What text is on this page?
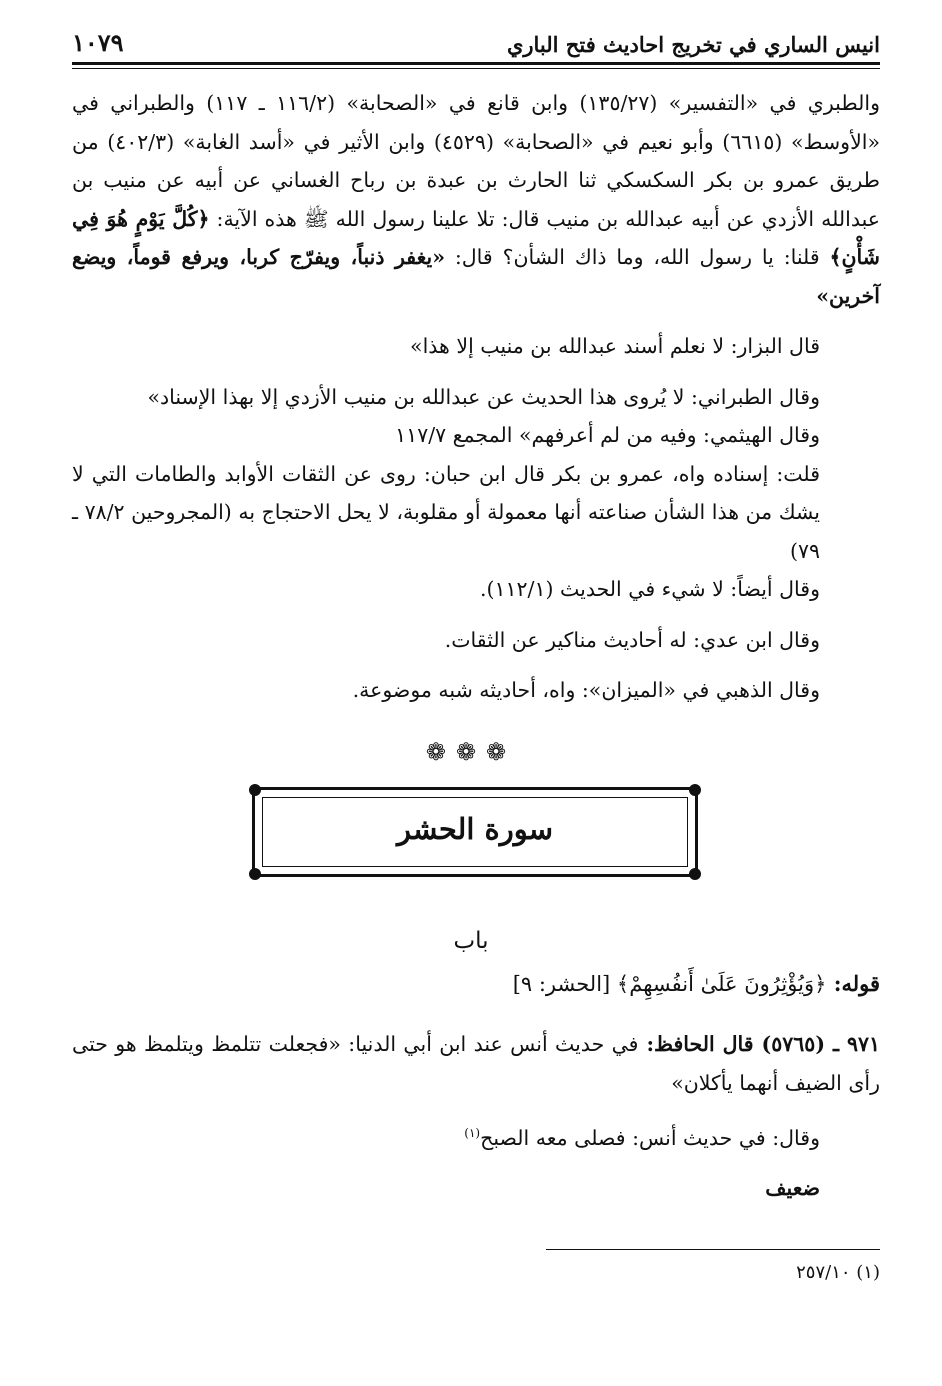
انيس الساري في تخريج احاديث فتح الباري
١٠٧٩

والطبري في «التفسير» (١٣٥/٢٧) وابن قانع في «الصحابة» (١١٦/٢ ـ ١١٧) والطبراني في «الأوسط» (٦٦١٥) وأبو نعيم في «الصحابة» (٤٥٢٩) وابن الأثير في «أسد الغابة» (٤٠٢/٣) من طريق عمرو بن بكر السكسكي ثنا الحارث بن عبدة بن رباح الغساني عن أبيه عن منيب بن عبدالله الأزدي عن أبيه عبدالله بن منيب قال: تلا علينا رسول الله ﷺ هذه الآية: ﴿كُلَّ يَوْمٍ هُوَ فِي شَأْنٍ﴾ قلنا: يا رسول الله، وما ذاك الشأن؟ قال: «يغفر ذنباً، ويفرّج كربا، ويرفع قوماً، ويضع آخرين»

قال البزار: لا نعلم أسند عبدالله بن منيب إلا هذا»

وقال الطبراني: لا يُروى هذا الحديث عن عبدالله بن منيب الأزدي إلا بهذا الإسناد»

وقال الهيثمي: وفيه من لم أعرفهم» المجمع ١١٧/٧

قلت: إسناده واه، عمرو بن بكر قال ابن حبان: روى عن الثقات الأوابد والطامات التي لا يشك من هذا الشأن صناعته أنها معمولة أو مقلوبة، لا يحل الاحتجاج به (المجروحين ٧٨/٢ ـ ٧٩)

وقال أيضاً: لا شيء في الحديث (١١٢/١).

وقال ابن عدي: له أحاديث مناكير عن الثقات.

وقال الذهبي في «الميزان»: واه، أحاديثه شبه موضوعة.

❁❁❁
سورة الحشر
باب
قوله: ﴿وَيُؤْثِرُونَ عَلَىٰ أَنفُسِهِمْ﴾ [الحشر: ٩]

٩٧١ ـ (٥٧٦٥) قال الحافظ: في حديث أنس عند ابن أبي الدنيا: «فجعلت تتلمظ ويتلمظ هو حتى رأى الضيف أنهما يأكلان»

وقال: في حديث أنس: فصلى معه الصبح$^{(١)}$

ضعيف

(١) ٢٥٧/١٠
